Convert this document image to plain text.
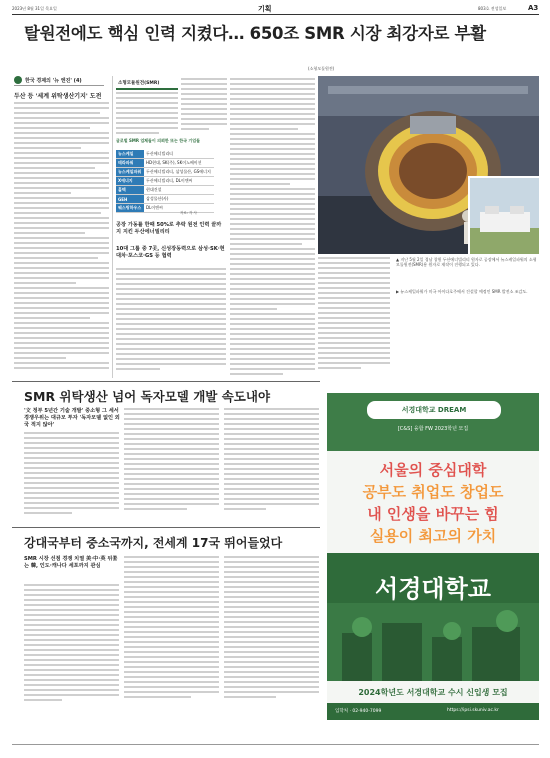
2023년 8월 31일 목요일	기획	803호 전성일보	A3
탈원전에도 핵심 인력 지켰다… 650조 SMR 시장 최강자로 부활
(소형모듈원전)
한국 경제의 '뉴 엔진' (4)
두산 등 '세계 위탁생산기지' 도전
소형모듈원전(SMR)
글로벌 SMR 업체들이 의뢰한 또는 한국 기업들
뉴스케일	두산에너빌리티
테라파워	HD현대, SK(주), SK이노베이션
뉴스케일파워	두산에너빌리티, 삼성물산, GS에너지
X에너지	두산에너빌리티, DL이앤씨
홀텍	현대건설
GEH	삼성물산(사)
웨스팅하우스	DL이앤씨
자료: 각 사
공장 가동률 한때 50%로 추락 원전 인력 끝까지 지킨 두산에너빌리티
10대 그룹 중 7곳, 신성장동력으로 삼성·SK·현대차·포스코·GS 등 협력
▲ 지난 5월 2일 경남 창원 두산에너빌리티 원자로 공장에서 뉴스케일파워의 소형모듈원전(SMR)용 원자로 제작이 진행되고 있다.
▶ 뉴스케일파워가 미국 아이다호주에서 건설할 예정인 SMR 발전소 조감도.
SMR 위탁생산 넘어 독자모델 개발 속도내야
'文 정부 5년간 기술 개발' 중소형 그 세서 경쟁우위는 대규모 투자 '독자모델 없인 외국 적지 않아'
강대국부터 중소국까지, 전세계 17국 뛰어들었다
SMR 시장 선점 경쟁 치열 美·中·英 뒤쫓는 韓, 인도·캐나다 세포까지 관심
서경대학교 DREAM
[C&S] 융합 FW 2023학년 모집
서울의 중심대학
공부도 취업도 창업도
내 인생을 바꾸는 힘
실용이 최고의 가치
서경대학교
2024학년도 서경대학교 수시 신입생 모집
입학처 · 02-940-7099	https://ipsi.skuniv.ac.kr
